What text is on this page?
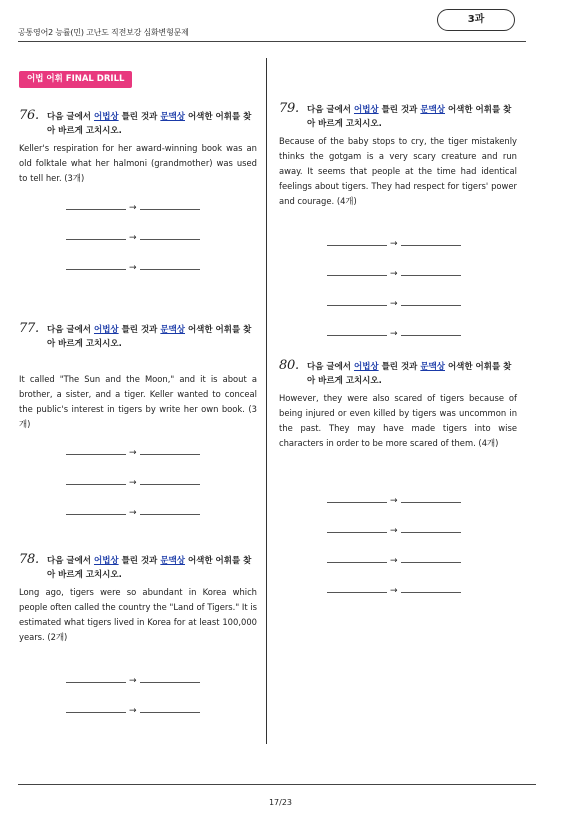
공통영어2 능률(민) 고난도 직전보강 심화변형문제
3과
어법 어휘 FINAL DRILL
76. 다음 글에서 어법상 틀린 것과 문맥상 어색한 어휘를 찾아 바르게 고치시오.
Keller's respiration for her award-winning book was an old folktale what her halmoni (grandmother) was used to tell her. (3개)
→
→
→
77. 다음 글에서 어법상 틀린 것과 문맥상 어색한 어휘를 찾아 바르게 고치시오.
It called "The Sun and the Moon," and it is about a brother, a sister, and a tiger. Keller wanted to conceal the public's interest in tigers by write her own book. (3개)
→
→
→
78. 다음 글에서 어법상 틀린 것과 문맥상 어색한 어휘를 찾아 바르게 고치시오.
Long ago, tigers were so abundant in Korea which people often called the country the "Land of Tigers." It is estimated what tigers lived in Korea for at least 100,000 years. (2개)
→
→
79. 다음 글에서 어법상 틀린 것과 문맥상 어색한 어휘를 찾아 바르게 고치시오.
Because of the baby stops to cry, the tiger mistakenly thinks the gotgam is a very scary creature and run away. It seems that people at the time had identical feelings about tigers. They had respect for tigers' power and courage. (4개)
→
→
→
→
80. 다음 글에서 어법상 틀린 것과 문맥상 어색한 어휘를 찾아 바르게 고치시오.
However, they were also scared of tigers because of being injured or even killed by tigers was uncommon in the past. They may have made tigers into wise characters in order to be more scared of them. (4개)
→
→
→
→
17/23
